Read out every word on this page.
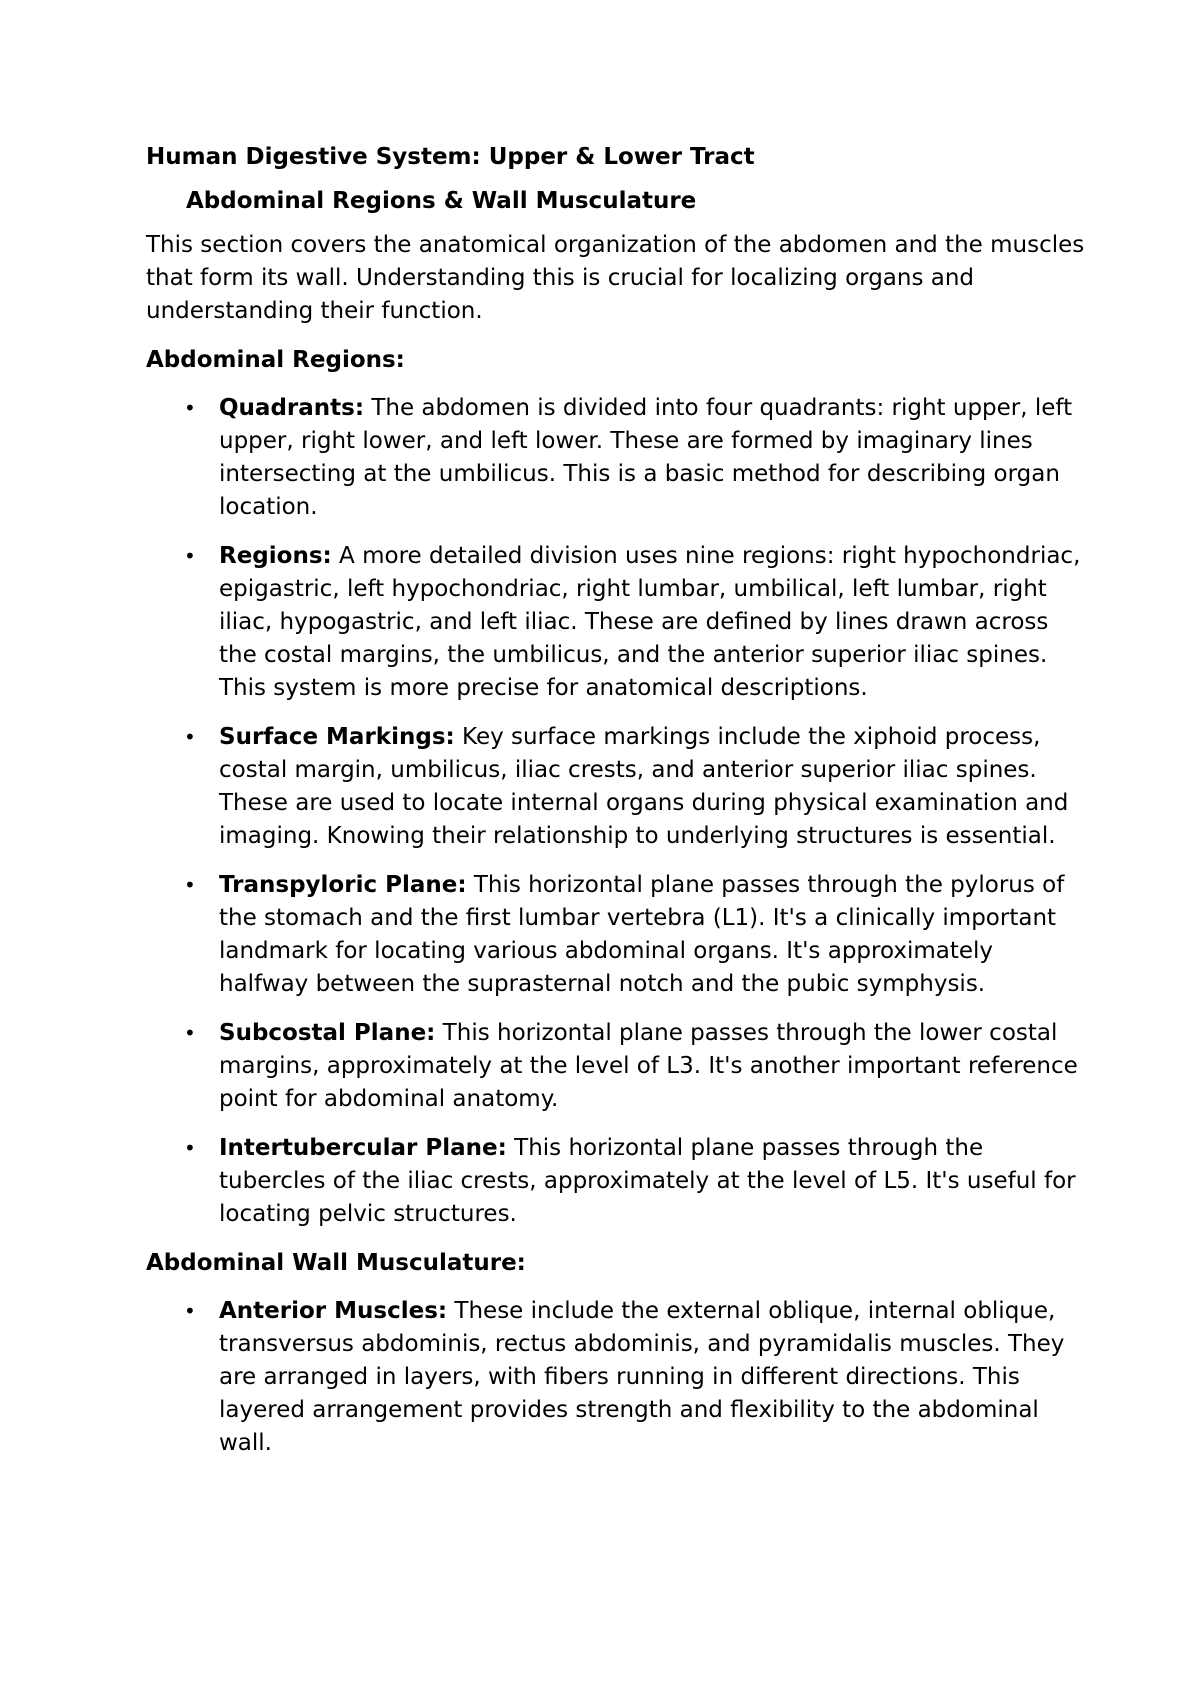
Human Digestive System: Upper & Lower Tract
Abdominal Regions & Wall Musculature

This section covers the anatomical organization of the abdomen and the muscles that form its wall. Understanding this is crucial for localizing organs and understanding their function.

Abdominal Regions:
• Quadrants: The abdomen is divided into four quadrants: right upper, left upper, right lower, and left lower. These are formed by imaginary lines intersecting at the umbilicus. This is a basic method for describing organ location.
• Regions: A more detailed division uses nine regions: right hypochondriac, epigastric, left hypochondriac, right lumbar, umbilical, left lumbar, right iliac, hypogastric, and left iliac. These are defined by lines drawn across the costal margins, the umbilicus, and the anterior superior iliac spines. This system is more precise for anatomical descriptions.
• Surface Markings: Key surface markings include the xiphoid process, costal margin, umbilicus, iliac crests, and anterior superior iliac spines. These are used to locate internal organs during physical examination and imaging. Knowing their relationship to underlying structures is essential.
• Transpyloric Plane: This horizontal plane passes through the pylorus of the stomach and the first lumbar vertebra (L1). It's a clinically important landmark for locating various abdominal organs. It's approximately halfway between the suprasternal notch and the pubic symphysis.
• Subcostal Plane: This horizontal plane passes through the lower costal margins, approximately at the level of L3. It's another important reference point for abdominal anatomy.
• Intertubercular Plane: This horizontal plane passes through the tubercles of the iliac crests, approximately at the level of L5. It's useful for locating pelvic structures.
Abdominal Wall Musculature:
• Anterior Muscles: These include the external oblique, internal oblique, transversus abdominis, rectus abdominis, and pyramidalis muscles. They are arranged in layers, with fibers running in different directions. This layered arrangement provides strength and flexibility to the abdominal wall.
